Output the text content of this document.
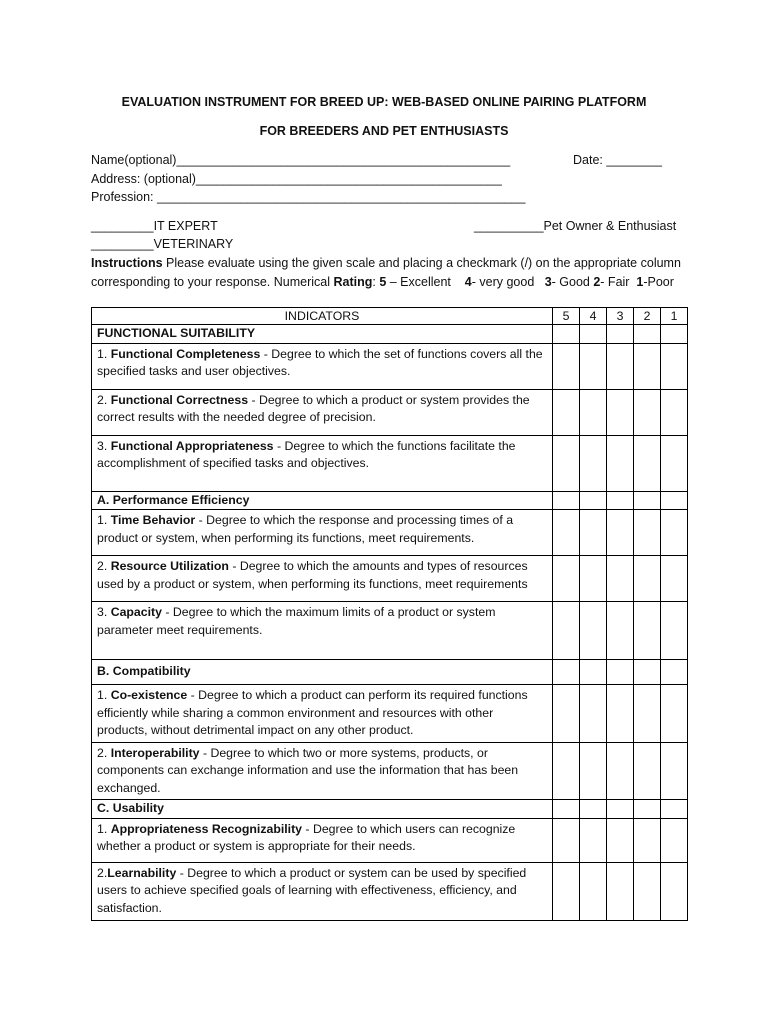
EVALUATION INSTRUMENT FOR BREED UP: WEB-BASED ONLINE PAIRING PLATFORM
FOR BREEDERS AND PET ENTHUSIASTS
Name(optional)________________________________________________	Date: ________
Address: (optional)____________________________________________
Profession: _____________________________________________________
_________IT EXPERT	__________Pet Owner & Enthusiast
_________VETERINARY
Instructions Please evaluate using the given scale and placing a checkmark (/) on the appropriate column
corresponding to your response. Numerical Rating: 5 – Excellent    4- very good   3- Good 2- Fair  1-Poor
INDICATORS	5	4	3	2	1
FUNCTIONAL SUITABILITY					
1. Functional Completeness - Degree to which the set of functions covers all the specified tasks and user objectives.					
2. Functional Correctness - Degree to which a product or system provides the correct results with the needed degree of precision.					
3. Functional Appropriateness - Degree to which the functions facilitate the accomplishment of specified tasks and objectives.					
A. Performance Efficiency					
1. Time Behavior - Degree to which the response and processing times of a product or system, when performing its functions, meet requirements.					
2. Resource Utilization - Degree to which the amounts and types of resources used by a product or system, when performing its functions, meet requirements					
3. Capacity - Degree to which the maximum limits of a product or system parameter meet requirements.					
B. Compatibility					
1. Co-existence - Degree to which a product can perform its required functions efficiently while sharing a common environment and resources with other products, without detrimental impact on any other product.					
2. Interoperability - Degree to which two or more systems, products, or components can exchange information and use the information that has been exchanged.					
C. Usability					
1. Appropriateness Recognizability - Degree to which users can recognize whether a product or system is appropriate for their needs.					
2.Learnability - Degree to which a product or system can be used by specified users to achieve specified goals of learning with effectiveness, efficiency, and satisfaction.					
